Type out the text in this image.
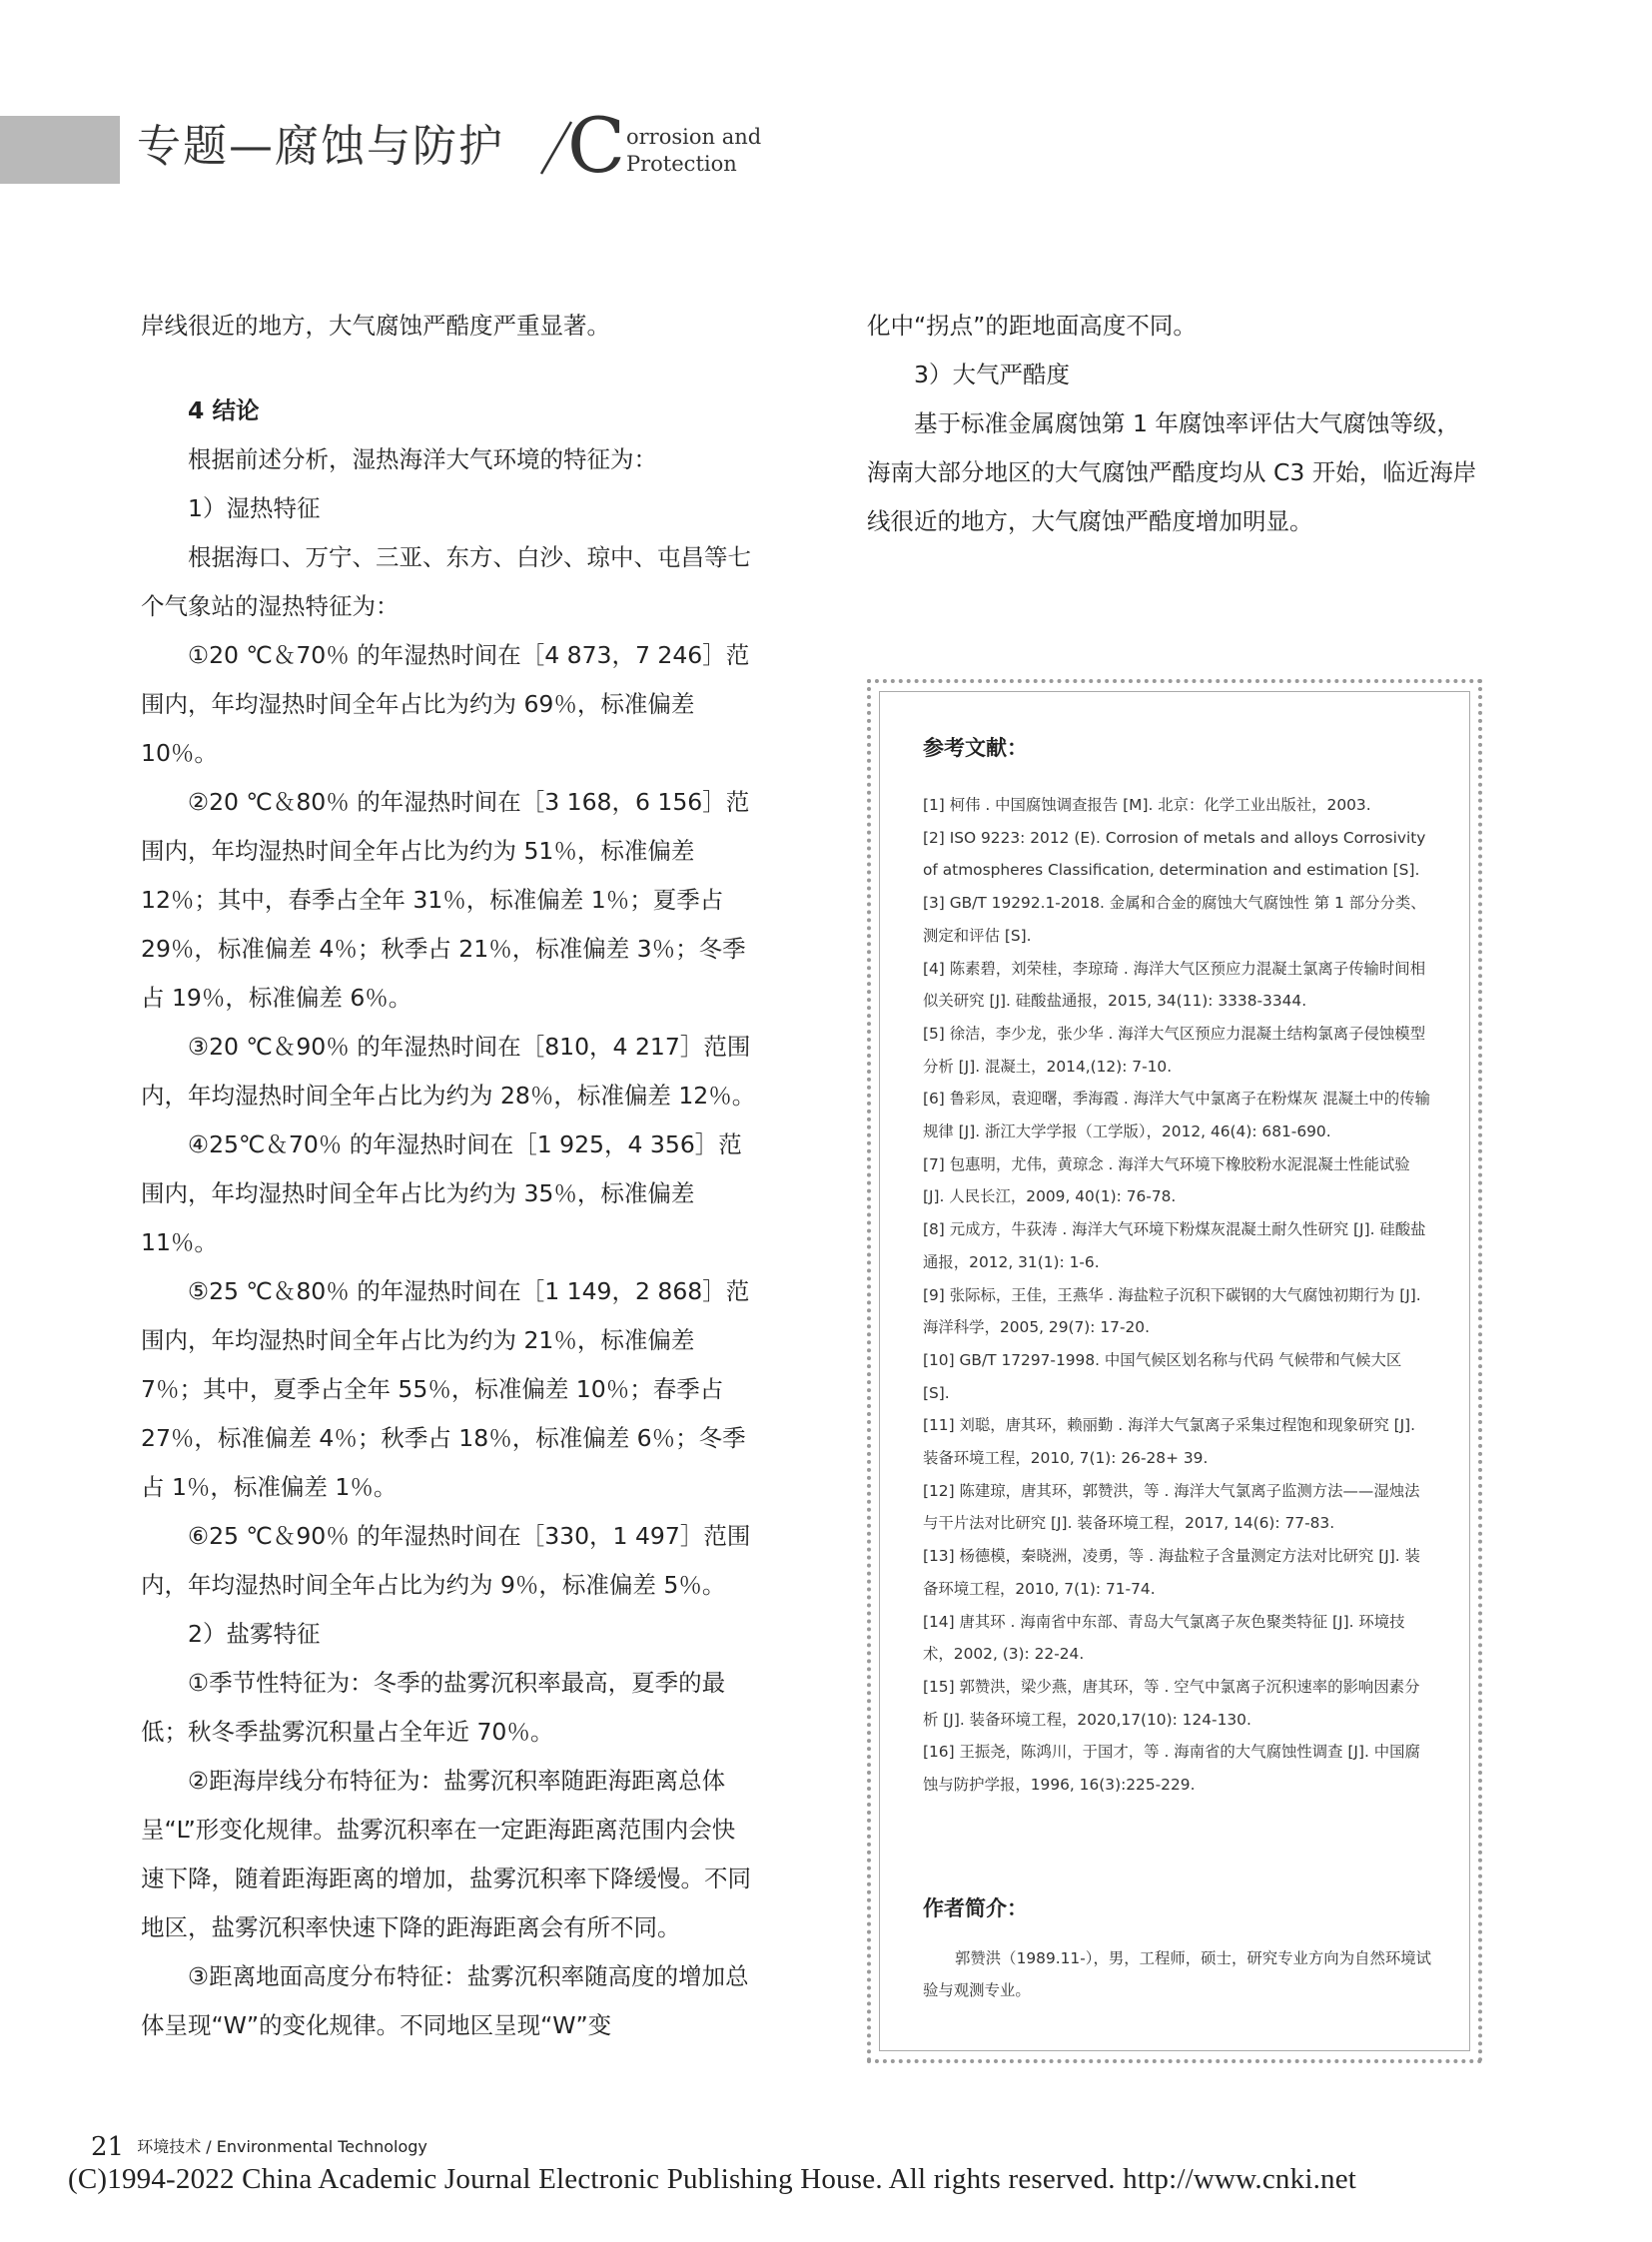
专题—腐蚀与防护 C orrosion and
Protection

岸线很近的地方，大气腐蚀严酷度严重显著。

4 结论

根据前述分析，湿热海洋大气环境的特征为：

1）湿热特征

根据海口、万宁、三亚、东方、白沙、琼中、屯昌等七个气象站的湿热特征为：

①20 ℃＆70％ 的年湿热时间在［4 873，7 246］范围内，年均湿热时间全年占比为约为 69％，标准偏差 10％。

②20 ℃＆80％ 的年湿热时间在［3 168，6 156］范围内，年均湿热时间全年占比为约为 51％，标准偏差 12％；其中，春季占全年 31％，标准偏差 1％；夏季占 29％，标准偏差 4％；秋季占 21％，标准偏差 3％；冬季占 19％，标准偏差 6％。

③20 ℃＆90％ 的年湿热时间在［810，4 217］范围内，年均湿热时间全年占比为约为 28％，标准偏差 12％。

④25℃＆70％ 的年湿热时间在［1 925，4 356］范围内，年均湿热时间全年占比为约为 35％，标准偏差 11％。

⑤25 ℃＆80％ 的年湿热时间在［1 149，2 868］范围内，年均湿热时间全年占比为约为 21％，标准偏差 7％；其中，夏季占全年 55％，标准偏差 10％；春季占 27％，标准偏差 4％；秋季占 18％，标准偏差 6％；冬季占 1％，标准偏差 1％。

⑥25 ℃＆90％ 的年湿热时间在［330，1 497］范围内，年均湿热时间全年占比为约为 9％，标准偏差 5％。

2）盐雾特征

①季节性特征为：冬季的盐雾沉积率最高，夏季的最低；秋冬季盐雾沉积量占全年近 70％。

②距海岸线分布特征为：盐雾沉积率随距海距离总体呈“L”形变化规律。盐雾沉积率在一定距海距离范围内会快速下降，随着距海距离的增加，盐雾沉积率下降缓慢。不同地区，盐雾沉积率快速下降的距海距离会有所不同。

③距离地面高度分布特征：盐雾沉积率随高度的增加总体呈现“W”的变化规律。不同地区呈现“W”变

化中“拐点”的距地面高度不同。

3）大气严酷度

基于标准金属腐蚀第 1 年腐蚀率评估大气腐蚀等级，海南大部分地区的大气腐蚀严酷度均从 C3 开始，临近海岸线很近的地方，大气腐蚀严酷度增加明显。

参考文献：

[1] 柯伟 . 中国腐蚀调查报告 [M]. 北京：化学工业出版社，2003.

[2] ISO 9223: 2012 (E). Corrosion of metals and alloys Corrosivity of atmospheres Classification, determination and estimation [S].

[3] GB/T 19292.1-2018. 金属和合金的腐蚀大气腐蚀性 第 1 部分分类、测定和评估 [S].

[4] 陈素碧，刘荣桂，李琼琦 . 海洋大气区预应力混凝土氯离子传输时间相似关研究 [J]. 硅酸盐通报，2015, 34(11): 3338-3344.

[5] 徐洁，李少龙，张少华 . 海洋大气区预应力混凝土结构氯离子侵蚀模型分析 [J]. 混凝土，2014,(12): 7-10.

[6] 鲁彩凤，袁迎曙，季海霞 . 海洋大气中氯离子在粉煤灰 混凝土中的传输规律 [J]. 浙江大学学报（工学版），2012, 46(4): 681-690.

[7] 包惠明，尤伟，黄琼念 . 海洋大气环境下橡胶粉水泥混凝土性能试验 [J]. 人民长江，2009, 40(1): 76-78.

[8] 元成方，牛荻涛 . 海洋大气环境下粉煤灰混凝土耐久性研究 [J]. 硅酸盐通报，2012, 31(1): 1-6.

[9] 张际标，王佳，王燕华 . 海盐粒子沉积下碳钢的大气腐蚀初期行为 [J]. 海洋科学，2005, 29(7): 17-20.

[10] GB/T 17297-1998. 中国气候区划名称与代码 气候带和气候大区 [S].

[11] 刘聪，唐其环，赖丽勤 . 海洋大气氯离子采集过程饱和现象研究 [J]. 装备环境工程，2010, 7(1): 26-28+ 39.

[12] 陈建琼，唐其环，郭赞洪，等 . 海洋大气氯离子监测方法——湿烛法与干片法对比研究 [J]. 装备环境工程，2017, 14(6): 77-83.

[13] 杨德模，秦晓洲，凌勇，等 . 海盐粒子含量测定方法对比研究 [J]. 装备环境工程，2010, 7(1): 71-74.

[14] 唐其环 . 海南省中东部、青岛大气氯离子灰色聚类特征 [J]. 环境技术，2002, (3): 22-24.

[15] 郭赞洪，梁少燕，唐其环，等 . 空气中氯离子沉积速率的影响因素分析 [J]. 装备环境工程，2020,17(10): 124-130.

[16] 王振尧，陈鸿川，于国才，等 . 海南省的大气腐蚀性调查 [J]. 中国腐蚀与防护学报，1996, 16(3):225-229.

作者简介：

郭赞洪（1989.11-），男，工程师，硕士，研究专业方向为自然环境试验与观测专业。

21 环境技术 / Environmental Technology
(C)1994-2022 China Academic Journal Electronic Publishing House. All rights reserved. http://www.cnki.net
